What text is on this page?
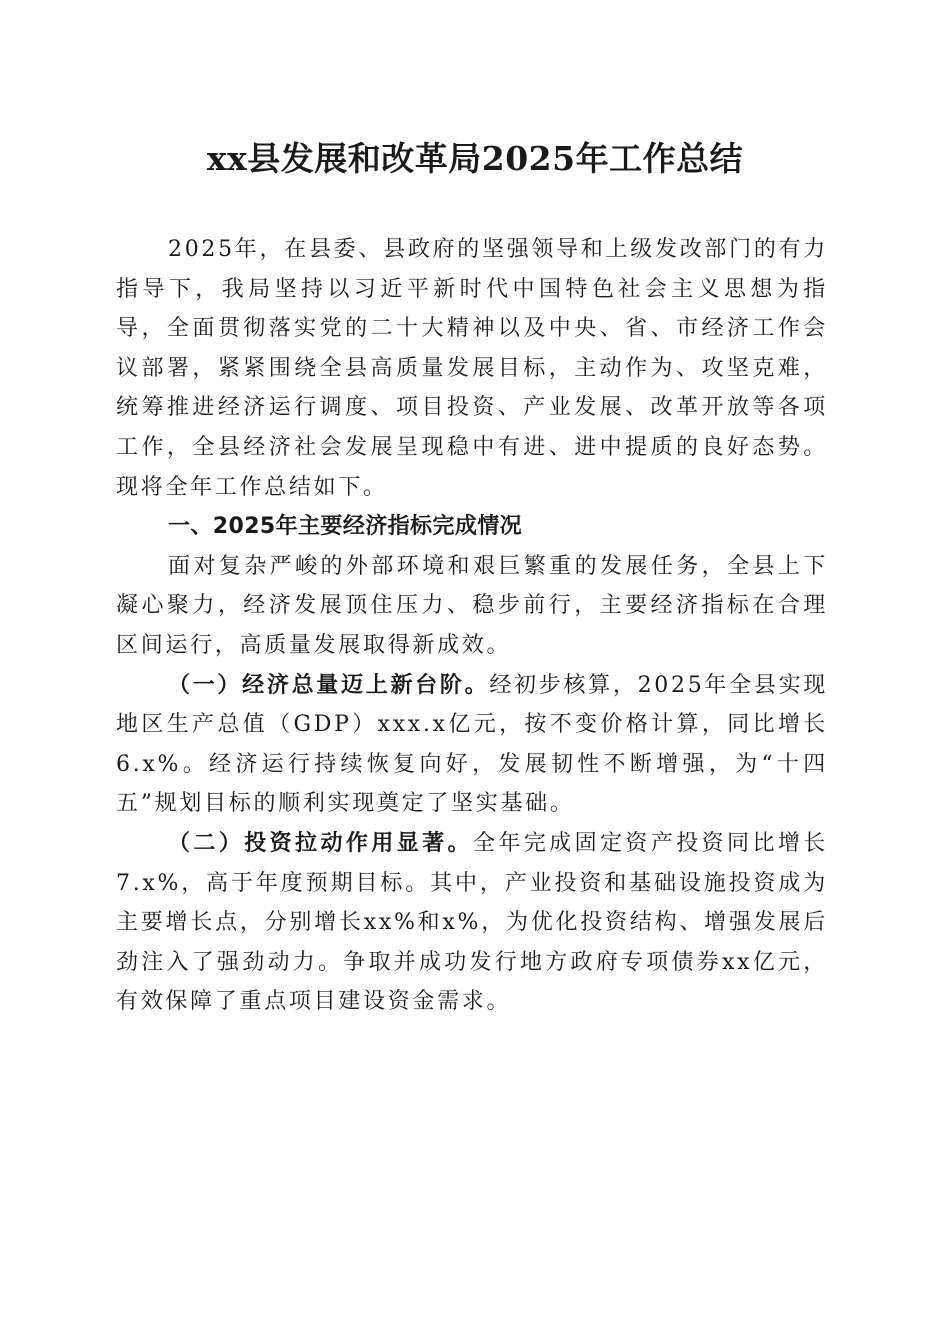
xx县发展和改革局2025年工作总结

2025年，在县委、县政府的坚强领导和上级发改部门的有力指导下，我局坚持以习近平新时代中国特色社会主义思想为指导，全面贯彻落实党的二十大精神以及中央、省、市经济工作会议部署，紧紧围绕全县高质量发展目标，主动作为、攻坚克难，统筹推进经济运行调度、项目投资、产业发展、改革开放等各项工作，全县经济社会发展呈现稳中有进、进中提质的良好态势。现将全年工作总结如下。

一、2025年主要经济指标完成情况

面对复杂严峻的外部环境和艰巨繁重的发展任务，全县上下凝心聚力，经济发展顶住压力、稳步前行，主要经济指标在合理区间运行，高质量发展取得新成效。

（一）经济总量迈上新台阶。经初步核算，2025年全县实现地区生产总值（GDP）xxx.x亿元，按不变价格计算，同比增长6.x%。经济运行持续恢复向好，发展韧性不断增强，为“十四五”规划目标的顺利实现奠定了坚实基础。

（二）投资拉动作用显著。全年完成固定资产投资同比增长7.x%，高于年度预期目标。其中，产业投资和基础设施投资成为主要增长点，分别增长xx%和x%，为优化投资结构、增强发展后劲注入了强劲动力。争取并成功发行地方政府专项债券xx亿元，有效保障了重点项目建设资金需求。
